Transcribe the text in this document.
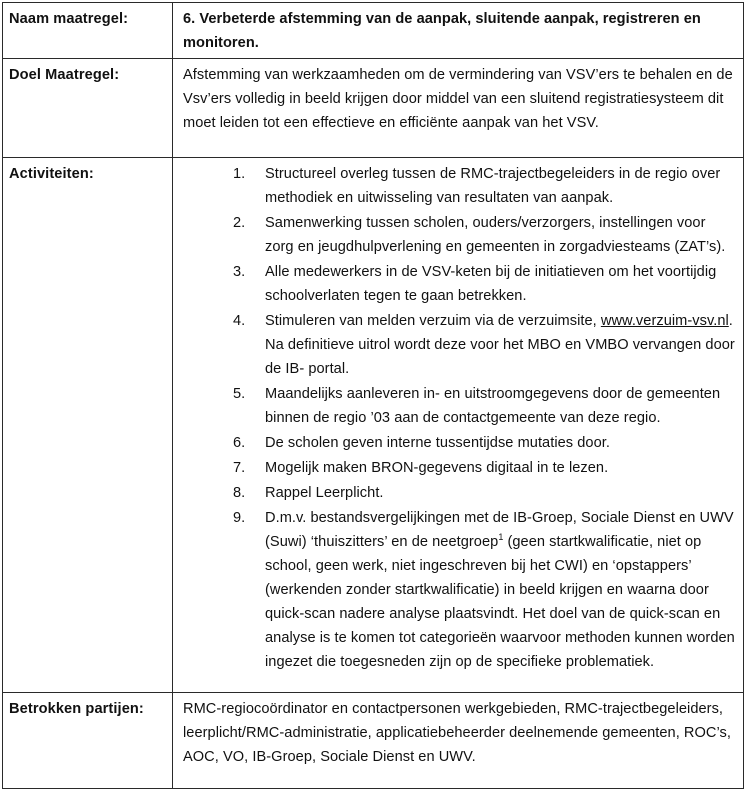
Naam maatregel:	6. Verbeterde afstemming van de aanpak, sluitende aanpak, registreren en monitoren.
Doel Maatregel:	Afstemming van werkzaamheden om de vermindering van VSV’ers te behalen en de Vsv’ers volledig in beeld krijgen door middel van een sluitend registratiesysteem dit moet leiden tot een effectieve en efficiënte aanpak van het VSV.
Activiteiten:	1. Structureel overleg tussen de RMC-trajectbegeleiders in de regio over methodiek en uitwisseling van resultaten van aanpak.
2. Samenwerking tussen scholen, ouders/verzorgers, instellingen voor zorg en jeugdhulpverlening en gemeenten in zorgadviesteams (ZAT’s).
3. Alle medewerkers in de VSV-keten bij de initiatieven om het voortijdig schoolverlaten tegen te gaan betrekken.
4. Stimuleren van melden verzuim via de verzuimsite, www.verzuim-vsv.nl. Na definitieve uitrol wordt deze voor het MBO en VMBO vervangen door de IB- portal.
5. Maandelijks aanleveren in- en uitstroomgegevens door de gemeenten binnen de regio ’03 aan de contactgemeente van deze regio.
6. De scholen geven interne tussentijdse mutaties door.
7. Mogelijk maken BRON-gegevens digitaal in te lezen.
8. Rappel Leerplicht.
9. D.m.v. bestandsvergelijkingen met de IB-Groep, Sociale Dienst en UWV (Suwi) ‘thuiszitters’ en de neetgroep$^1$ (geen startkwalificatie, niet op school, geen werk, niet ingeschreven bij het CWI) en ‘opstappers’ (werkenden zonder startkwalificatie) in beeld krijgen en waarna door quick-scan nadere analyse plaatsvindt. Het doel van de quick-scan en analyse is te komen tot categorieën waarvoor methoden kunnen worden ingezet die toegesneden zijn op de specifieke problematiek.

Betrokken partijen:	RMC-regiocoördinator en contactpersonen werkgebieden, RMC-trajectbegeleiders, leerplicht/RMC-administratie, applicatiebeheerder deelnemende gemeenten, ROC’s, AOC, VO, IB-Groep, Sociale Dienst en UWV.
